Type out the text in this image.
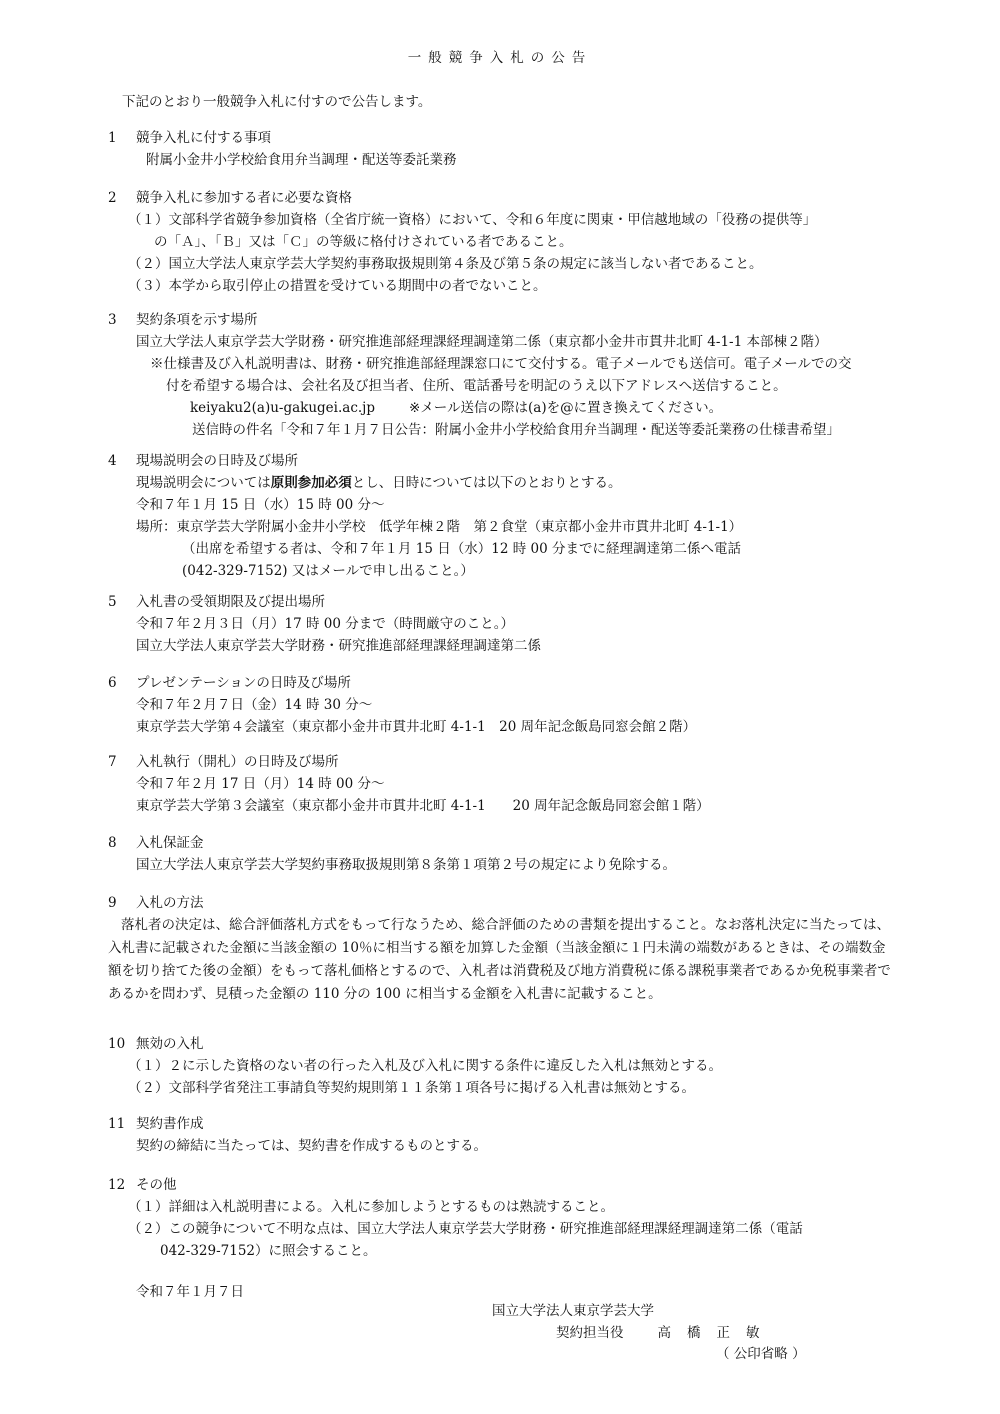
一般競争入札の公告
下記のとおり一般競争入札に付すので公告します。
1 競争入札に付する事項
附属小金井小学校給食用弁当調理・配送等委託業務
2 競争入札に参加する者に必要な資格
（１）文部科学省競争参加資格（全省庁統一資格）において、令和６年度に関東・甲信越地域の「役務の提供等」
の「Ａ」、「Ｂ」又は「Ｃ」の等級に格付けされている者であること。
（２）国立大学法人東京学芸大学契約事務取扱規則第４条及び第５条の規定に該当しない者であること。
（３）本学から取引停止の措置を受けている期間中の者でないこと。
3 契約条項を示す場所
国立大学法人東京学芸大学財務・研究推進部経理課経理調達第二係（東京都小金井市貫井北町 4-1-1 本部棟２階）
※仕様書及び入札説明書は、財務・研究推進部経理課窓口にて交付する。電子メールでも送信可。電子メールでの交
付を希望する場合は、会社名及び担当者、住所、電話番号を明記のうえ以下アドレスへ送信すること。
keiyaku2(a)u-gakugei.ac.jp	※メール送信の際は(a)を@に置き換えてください。
送信時の件名「令和７年１月７日公告：附属小金井小学校給食用弁当調理・配送等委託業務の仕様書希望」
4 現場説明会の日時及び場所
現場説明会については原則参加必須とし、日時については以下のとおりとする。
令和７年１月 15 日（水）15 時 00 分～
場所：東京学芸大学附属小金井小学校　低学年棟２階　第２食堂（東京都小金井市貫井北町 4-1-1）
（出席を希望する者は、令和７年１月 15 日（水）12 時 00 分までに経理調達第二係へ電話
(042-329-7152) 又はメールで申し出ること。）
5 入札書の受領期限及び提出場所
令和７年２月３日（月）17 時 00 分まで（時間厳守のこと。）
国立大学法人東京学芸大学財務・研究推進部経理課経理調達第二係
6 プレゼンテーションの日時及び場所
令和７年２月７日（金）14 時 30 分～
東京学芸大学第４会議室（東京都小金井市貫井北町 4-1-1　20 周年記念飯島同窓会館２階）
7 入札執行（開札）の日時及び場所
令和７年２月 17 日（月）14 時 00 分～
東京学芸大学第３会議室（東京都小金井市貫井北町 4-1-1　　20 周年記念飯島同窓会館１階）
8 入札保証金
国立大学法人東京学芸大学契約事務取扱規則第８条第１項第２号の規定により免除する。
9 入札の方法
落札者の決定は、総合評価落札方式をもって行なうため、総合評価のための書類を提出すること。なお落札決定に当たっては、入札書に記載された金額に当該金額の 10％に相当する額を加算した金額（当該金額に１円未満の端数があるときは、その端数金額を切り捨てた後の金額）をもって落札価格とするので、入札者は消費税及び地方消費税に係る課税事業者であるか免税事業者であるかを問わず、見積った金額の 110 分の 100 に相当する金額を入札書に記載すること。
10 無効の入札
（１）２に示した資格のない者の行った入札及び入札に関する条件に違反した入札は無効とする。
（２）文部科学省発注工事請負等契約規則第１１条第１項各号に掲げる入札書は無効とする。
11 契約書作成
契約の締結に当たっては、契約書を作成するものとする。
12 その他
（１）詳細は入札説明書による。入札に参加しようとするものは熟読すること。
（２）この競争について不明な点は、国立大学法人東京学芸大学財務・研究推進部経理課経理調達第二係（電話
042-329-7152）に照会すること。
令和７年１月７日
国立大学法人東京学芸大学
契約担当役	高橋正敏
（ 公印省略 ）
